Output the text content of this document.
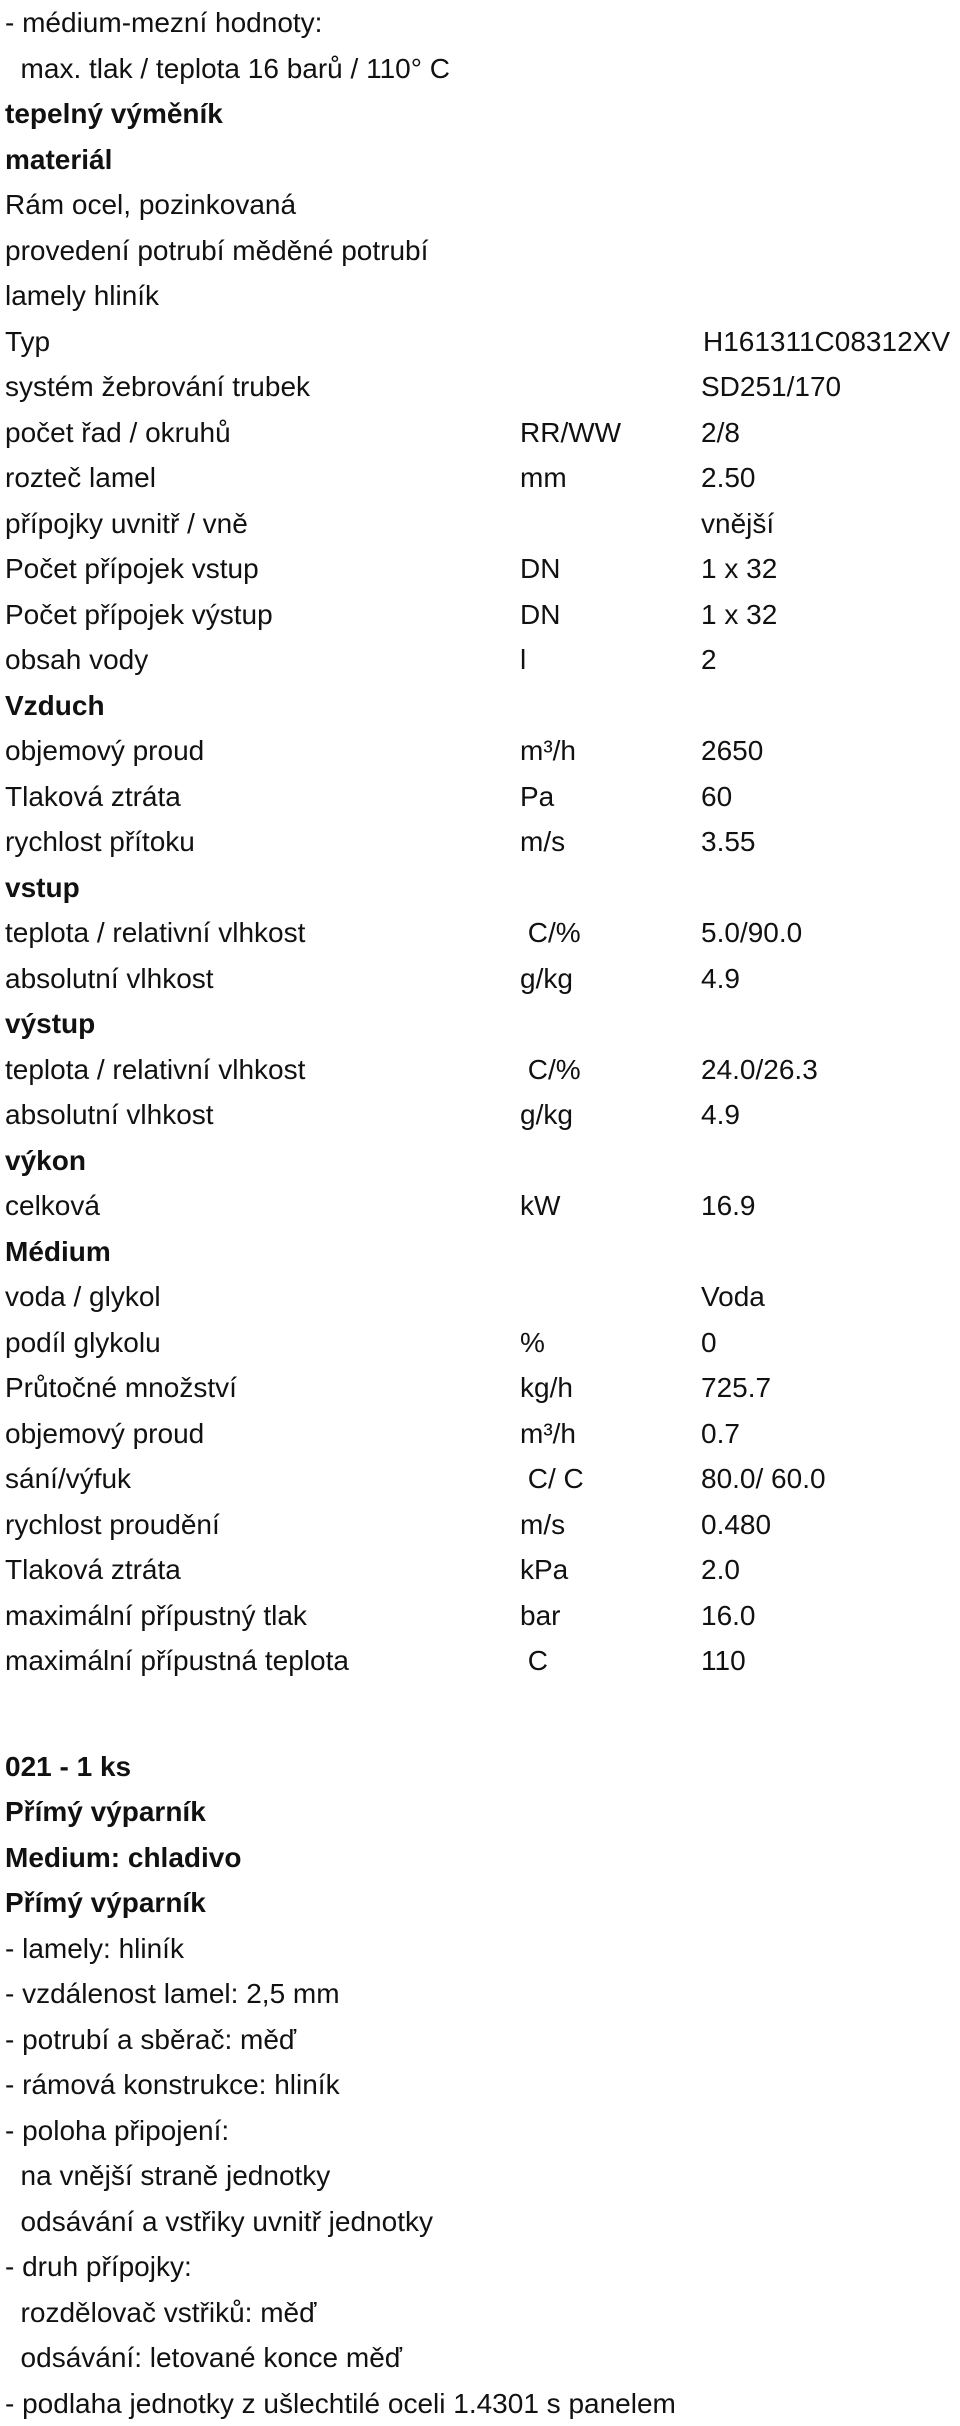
- médium-mezní hodnoty:
max. tlak / teplota 16 barů / 110° C
tepelný výměník
materiál
Rám ocel, pozinkovaná
provedení potrubí měděné potrubí
lamely hliník
Typ	H161311C08312XV
systém žebrování trubek	SD251/170
počet řad / okruhů	RR/WW	2/8
rozteč lamel	mm	2.50
přípojky uvnitř / vně	vnější
Počet přípojek vstup	DN	1 x 32
Počet přípojek výstup	DN	1 x 32
obsah vody	l	2
Vzduch
objemový proud	m³/h	2650
Tlaková ztráta	Pa	60
rychlost přítoku	m/s	3.55
vstup
teplota / relativní vlhkost	C/%	5.0/90.0
absolutní vlhkost	g/kg	4.9
výstup
teplota / relativní vlhkost	C/%	24.0/26.3
absolutní vlhkost	g/kg	4.9
výkon
celková	kW	16.9
Médium
voda / glykol	Voda
podíl glykolu	%	0
Průtočné množství	kg/h	725.7
objemový proud	m³/h	0.7
sání/výfuk	C/ C	80.0/ 60.0
rychlost proudění	m/s	0.480
Tlaková ztráta	kPa	2.0
maximální přípustný tlak	bar	16.0
maximální přípustná teplota	C	110
021 - 1 ks
Přímý výparník
Medium: chladivo
Přímý výparník
- lamely: hliník
- vzdálenost lamel: 2,5 mm
- potrubí a sběrač: měď
- rámová konstrukce: hliník
- poloha připojení:
na vnější straně jednotky
odsávání a vstřiky uvnitř jednotky
- druh přípojky:
rozdělovač vstřiků: měď
odsávání: letované konce měď
- podlaha jednotky z ušlechtilé oceli 1.4301 s panelem
